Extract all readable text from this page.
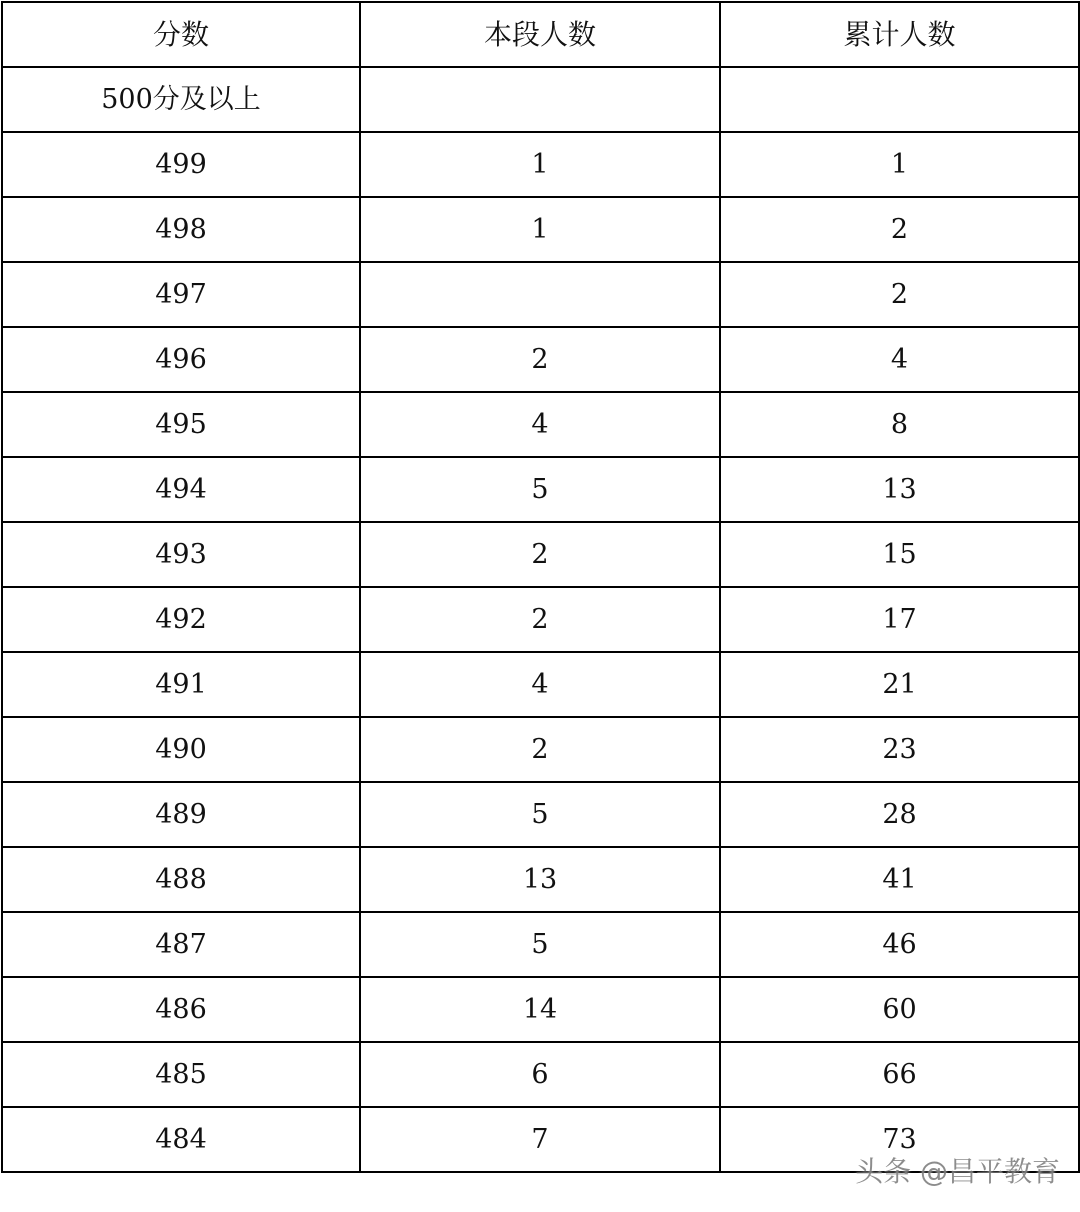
分数	本段人数	累计人数
500分及以上		
499	1	1
498	1	2
497		2
496	2	4
495	4	8
494	5	13
493	2	15
492	2	17
491	4	21
490	2	23
489	5	28
488	13	41
487	5	46
486	14	60
485	6	66
484	7	73
头条 @昌平教育
